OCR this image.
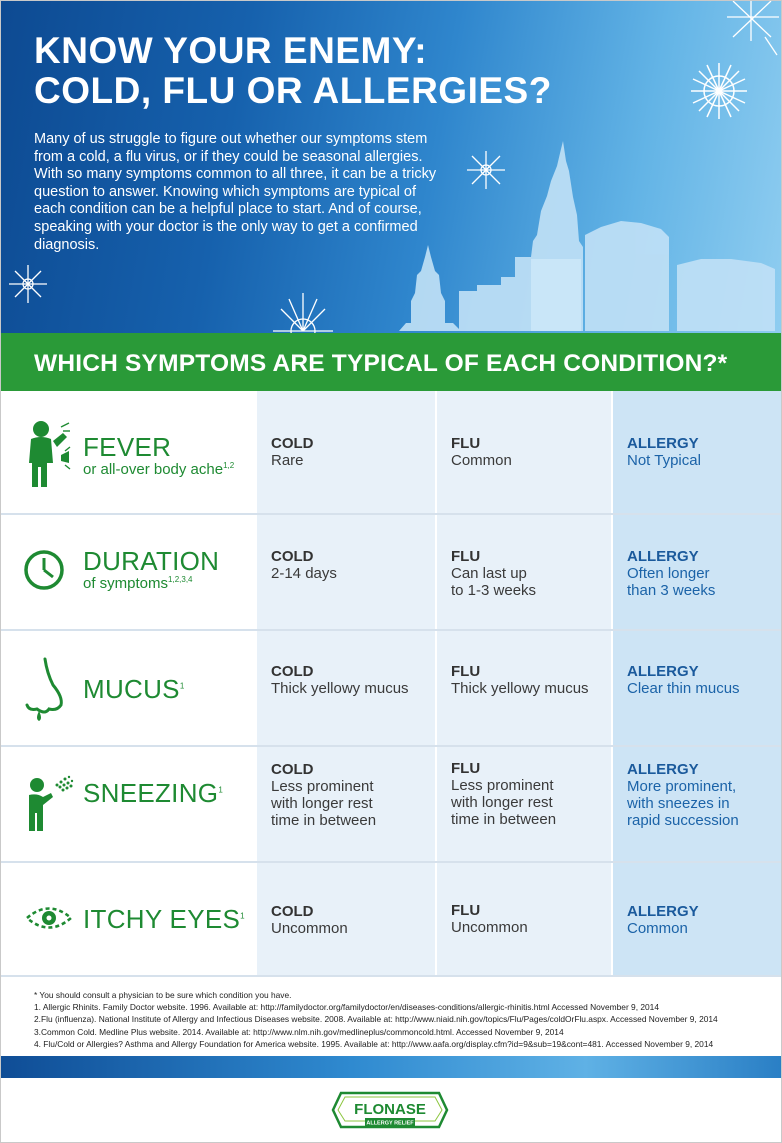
KNOW YOUR ENEMY:
COLD, FLU OR ALLERGIES?

Many of us struggle to figure out whether our symptoms stem from a cold, a flu virus, or if they could be seasonal allergies. With so many symptoms common to all three, it can be a tricky question to answer. Knowing which symptoms are typical of each condition can be a helpful place to start. And of course, speaking with your doctor is the only way to get a confirmed diagnosis.

WHICH SYMPTOMS ARE TYPICAL OF EACH CONDITION?*
FEVER
or all-over body ache$^{1,2}$
COLD
Rare
FLU
Common
ALLERGY
Not Typical
DURATION
of symptoms$^{1,2,3,4}$
COLD
2-14 days
FLU
Can last up
to 1-3 weeks
ALLERGY
Often longer
than 3 weeks
MUCUS$^1$
COLD
Thick yellowy mucus
FLU
Thick yellowy mucus
ALLERGY
Clear thin mucus
SNEEZING$^1$
COLD
Less prominent
with longer rest
time in between
FLU
Less prominent
with longer rest
time in between
ALLERGY
More prominent,
with sneezes in
rapid succession
ITCHY EYES$^1$ COLD
Uncommon
FLU
Uncommon
ALLERGY
Common
* You should consult a physician to be sure which condition you have.
1. Allergic Rhinits. Family Doctor website. 1996. Available at: http://familydoctor.org/familydoctor/en/diseases-conditions/allergic-rhinitis.html Accessed November 9, 2014
2.Flu (influenza). National Institute of Allergy and Infectious Diseases website. 2008. Available at: http://www.niaid.nih.gov/topics/Flu/Pages/coldOrFlu.aspx. Accessed November 9, 2014
3.Common Cold. Medline Plus website. 2014. Available at: http://www.nlm.nih.gov/medlineplus/commoncold.html. Accessed November 9, 2014
4. Flu/Cold or Allergies? Asthma and Allergy Foundation for America website. 1995. Available at: http://www.aafa.org/display.cfm?id=9&sub=19&cont=481. Accessed November 9, 2014
FLONASE
ALLERGY RELIEF
